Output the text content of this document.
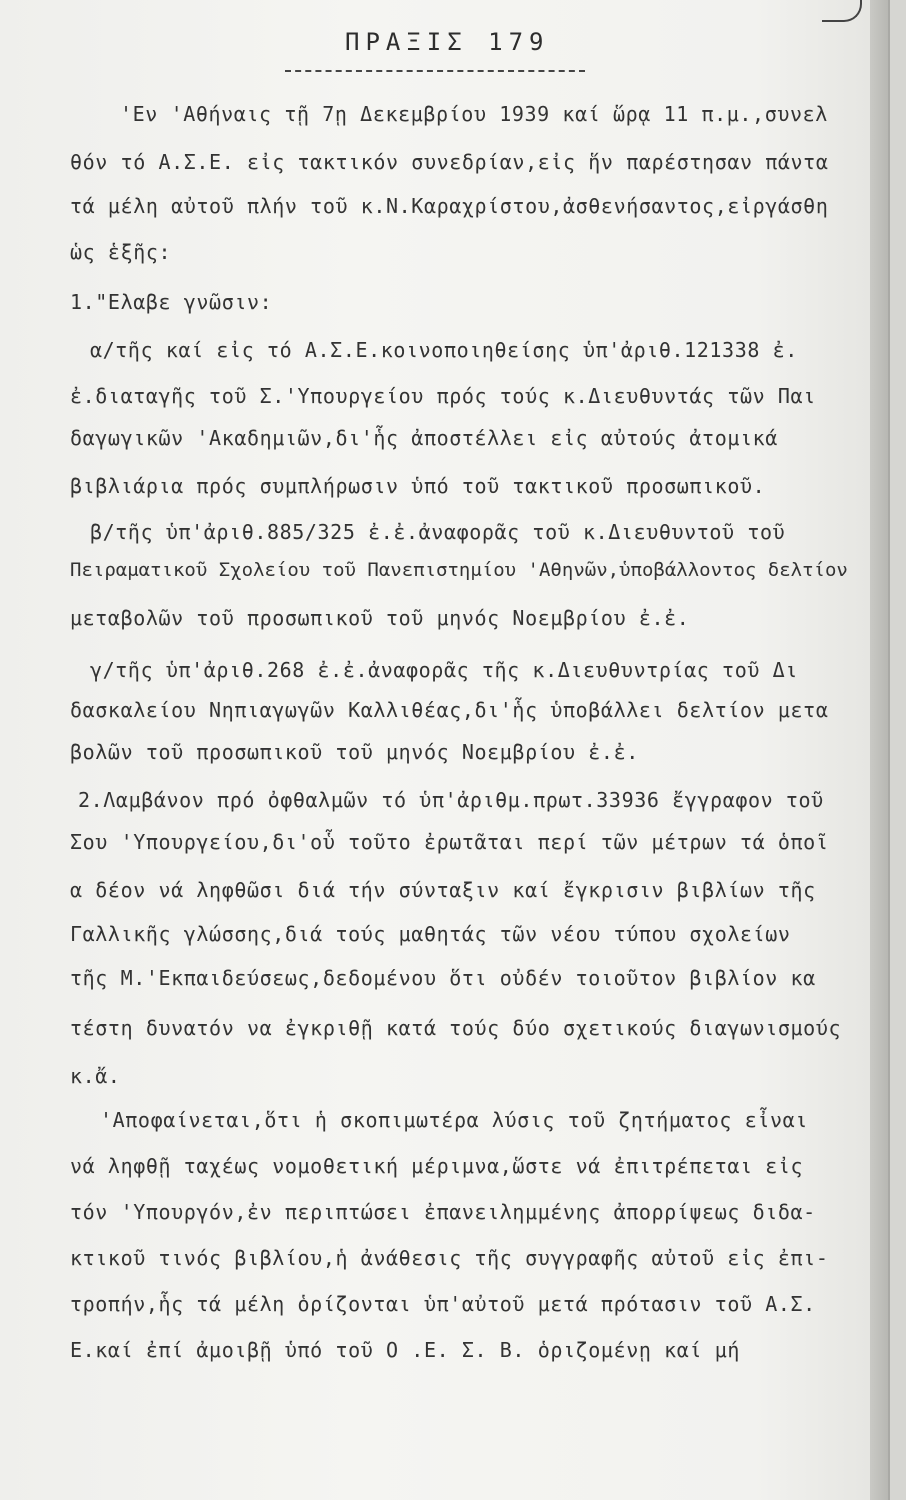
ΠΡΑΞΙΣ 179
'Εν 'Αθήναις τῇ 7ῃ Δεκεμβρίου 1939 καί ὥρᾳ 11 π.μ.,συνελ
θόν τό Α.Σ.Ε. εἰς τακτικόν συνεδρίαν,εἰς ἥν παρέστησαν πάντα
τά μέλη αὐτοῦ πλήν τοῦ κ.Ν.Καραχρίστου,ἀσθενήσαντος,εἰργάσθη
ὡς ἑξῆς:
1."Ελαβε γνῶσιν:
α/τῆς καί εἰς τό Α.Σ.Ε.κοινοποιηθείσης ὑπ'ἀριθ.121338 ἐ.
ἐ.διαταγῆς τοῦ Σ.'Υπουργείου πρός τούς κ.Διευθυντάς τῶν Παι
δαγωγικῶν 'Ακαδημιῶν,δι'ἧς ἀποστέλλει εἰς αὐτούς ἀτομικά
βιβλιάρια πρός συμπλήρωσιν ὑπό τοῦ τακτικοῦ προσωπικοῦ.
β/τῆς ὑπ'ἀριθ.885/325 ἐ.ἐ.ἀναφορᾶς τοῦ κ.Διευθυντοῦ τοῦ
Πειραματικοῦ Σχολείου τοῦ Πανεπιστημίου 'Αθηνῶν,ὑποβάλλοντος δελτίον
μεταβολῶν τοῦ προσωπικοῦ τοῦ μηνός Νοεμβρίου ἐ.ἐ.
γ/τῆς ὑπ'ἀριθ.268 ἐ.ἐ.ἀναφορᾶς τῆς κ.Διευθυντρίας τοῦ Δι
δασκαλείου Νηπιαγωγῶν Καλλιθέας,δι'ἧς ὑποβάλλει δελτίον μετα
βολῶν τοῦ προσωπικοῦ τοῦ μηνός Νοεμβρίου ἐ.ἐ.
2.Λαμβάνον πρό ὀφθαλμῶν τό ὑπ'ἀριθμ.πρωτ.33936 ἔγγραφον τοῦ
Σου 'Υπουργείου,δι'οὗ τοῦτο ἐρωτᾶται περί τῶν μέτρων τά ὁποῖ
α δέον νά ληφθῶσι διά τήν σύνταξιν καί ἔγκρισιν βιβλίων τῆς
Γαλλικῆς γλώσσης,διά τούς μαθητάς τῶν νέου τύπου σχολείων
τῆς Μ.'Εκπαιδεύσεως,δεδομένου ὅτι οὐδέν τοιοῦτον βιβλίον κα
τέστη δυνατόν να ἐγκριθῇ κατά τούς δύο σχετικούς διαγωνισμούς
κ.ἄ.
'Αποφαίνεται,ὅτι ἡ σκοπιμωτέρα λύσις τοῦ ζητήματος εἶναι
νά ληφθῇ ταχέως νομοθετική μέριμνα,ὥστε νά ἐπιτρέπεται εἰς
τόν 'Υπουργόν,ἐν περιπτώσει ἐπανειλημμένης ἀπορρίψεως διδα-
κτικοῦ τινός βιβλίου,ἡ ἀνάθεσις τῆς συγγραφῆς αὐτοῦ εἰς ἐπι-
τροπήν,ἧς τά μέλη ὁρίζονται ὑπ'αὐτοῦ μετά πρότασιν τοῦ Α.Σ.
Ε.καί ἐπί ἀμοιβῇ ὑπό τοῦ Ο .Ε. Σ. Β. ὁριζομένῃ καί μή
